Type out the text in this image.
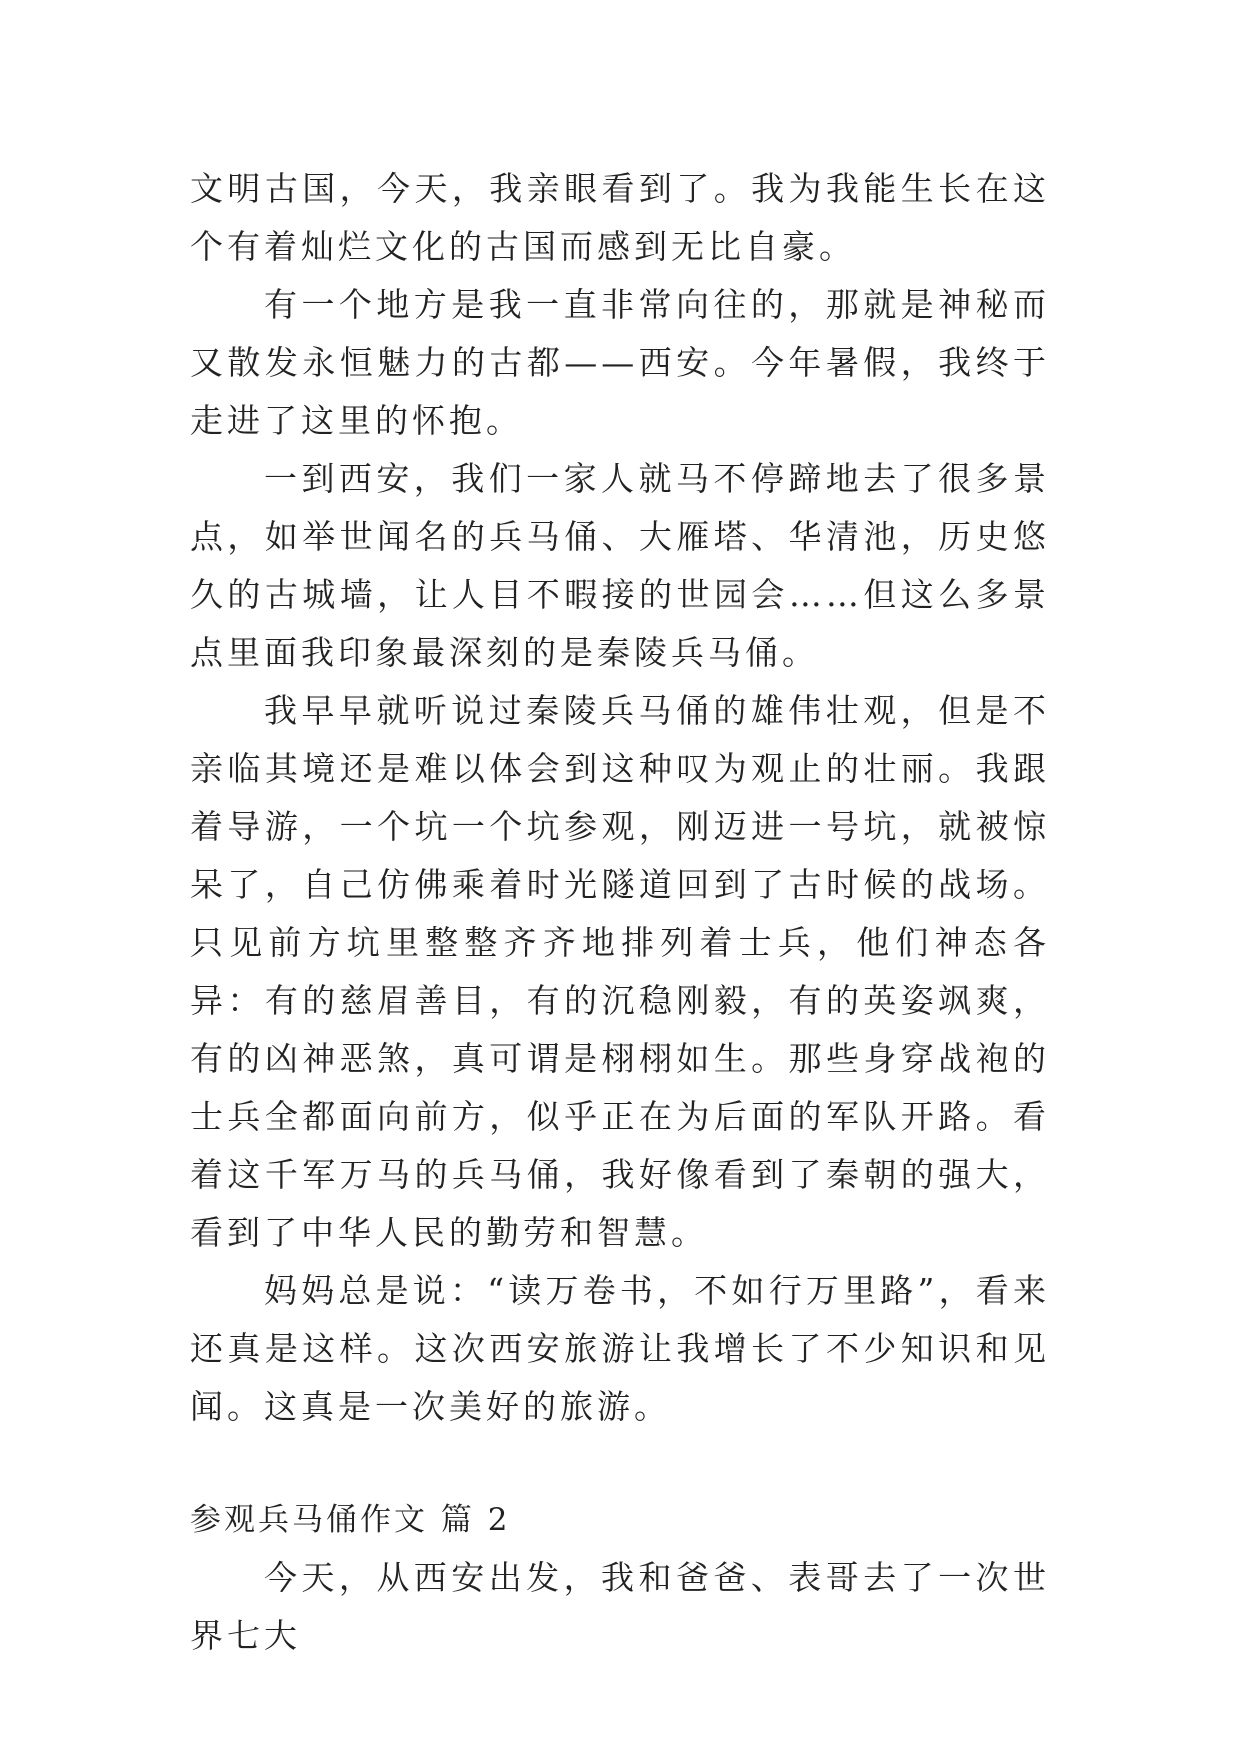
文明古国，今天，我亲眼看到了。我为我能生长在这个有着灿烂文化的古国而感到无比自豪。

有一个地方是我一直非常向往的，那就是神秘而又散发永恒魅力的古都——西安。今年暑假，我终于走进了这里的怀抱。

一到西安，我们一家人就马不停蹄地去了很多景点，如举世闻名的兵马俑、大雁塔、华清池，历史悠久的古城墙，让人目不暇接的世园会……但这么多景点里面我印象最深刻的是秦陵兵马俑。

我早早就听说过秦陵兵马俑的雄伟壮观，但是不亲临其境还是难以体会到这种叹为观止的壮丽。我跟着导游，一个坑一个坑参观，刚迈进一号坑，就被惊呆了，自己仿佛乘着时光隧道回到了古时候的战场。只见前方坑里整整齐齐地排列着士兵，他们神态各异：有的慈眉善目，有的沉稳刚毅，有的英姿飒爽，有的凶神恶煞，真可谓是栩栩如生。那些身穿战袍的士兵全都面向前方，似乎正在为后面的军队开路。看着这千军万马的兵马俑，我好像看到了秦朝的强大，看到了中华人民的勤劳和智慧。

妈妈总是说：“读万卷书，不如行万里路”，看来还真是这样。这次西安旅游让我增长了不少知识和见闻。这真是一次美好的旅游。

参观兵马俑作文 篇 2

今天，从西安出发，我和爸爸、表哥去了一次世界七大
